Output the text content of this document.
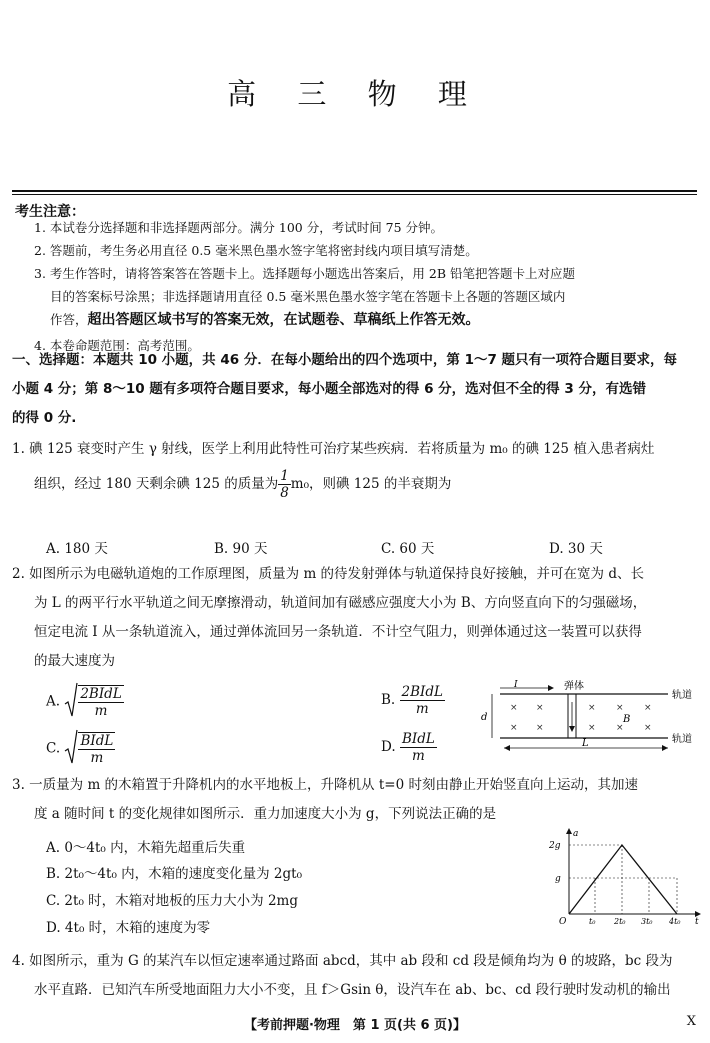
高 三 物 理
考生注意：
1. 本试卷分选择题和非选择题两部分。满分 100 分，考试时间 75 分钟。
2. 答题前，考生务必用直径 0.5 毫米黑色墨水签字笔将密封线内项目填写清楚。
3. 考生作答时，请将答案答在答题卡上。选择题每小题选出答案后，用 2B 铅笔把答题卡上对应题
目的答案标号涂黑；非选择题请用直径 0.5 毫米黑色墨水签字笔在答题卡上各题的答题区域内
作答，超出答题区域书写的答案无效，在试题卷、草稿纸上作答无效。
4. 本卷命题范围：高考范围。
一、选择题：本题共 10 小题，共 46 分．在每小题给出的四个选项中，第 1～7 题只有一项符合题目要求，每
小题 4 分；第 8～10 题有多项符合题目要求，每小题全部选对的得 6 分，选对但不全的得 3 分，有选错
的得 0 分.
1. 碘 125 衰变时产生 γ 射线，医学上利用此特性可治疗某些疾病．若将质量为 m₀ 的碘 125 植入患者病灶
组织，经过 180 天剩余碘 125 的质量为 $\frac{1}{8} m_0$，则碘 125 的半衰期为
A. 180 天	B. 90 天	C. 60 天	D. 30 天
2. 如图所示为电磁轨道炮的工作原理图，质量为 m 的待发射弹体与轨道保持良好接触，并可在宽为 d、长
为 L 的两平行水平轨道之间无摩擦滑动，轨道间加有磁感应强度大小为 B、方向竖直向下的匀强磁场，
恒定电流 I 从一条轨道流入，通过弹体流回另一条轨道．不计空气阻力，则弹体通过这一装置可以获得
的最大速度为
A. $\frac{\text{2BIdL}}{m}$	B. $\frac{\text{2BIdL}}{m}$
C. $\frac{\text{BIdL}}{m}$	D. $\frac{\text{BIdL}}{m}$
I	弹体
轨道
轨道
d
× ×	× × ×
× ×	× × ×
B
L
3. 一质量为 m 的木箱置于升降机内的水平地板上，升降机从 t=0 时刻由静止开始竖直向上运动，其加速
度 a 随时间 t 的变化规律如图所示．重力加速度大小为 g，下列说法正确的是
A. 0～4t₀ 内，木箱先超重后失重
B. 2t₀～4t₀ 内，木箱的速度变化量为 2gt₀
C. 2t₀ 时，木箱对地板的压力大小为 2mg
D. 4t₀ 时，木箱的速度为零
a
t
O
2g
g
t₀ 2t₀ 3t₀ 4t₀
4. 如图所示，重为 G 的某汽车以恒定速率通过路面 abcd，其中 ab 段和 cd 段是倾角均为 θ 的坡路，bc 段为
水平直路．已知汽车所受地面阻力大小不变，且 f＞Gsin θ，设汽车在 ab、bc、cd 段行驶时发动机的输出
【考前押题·物理　第 1 页(共 6 页)】	X
